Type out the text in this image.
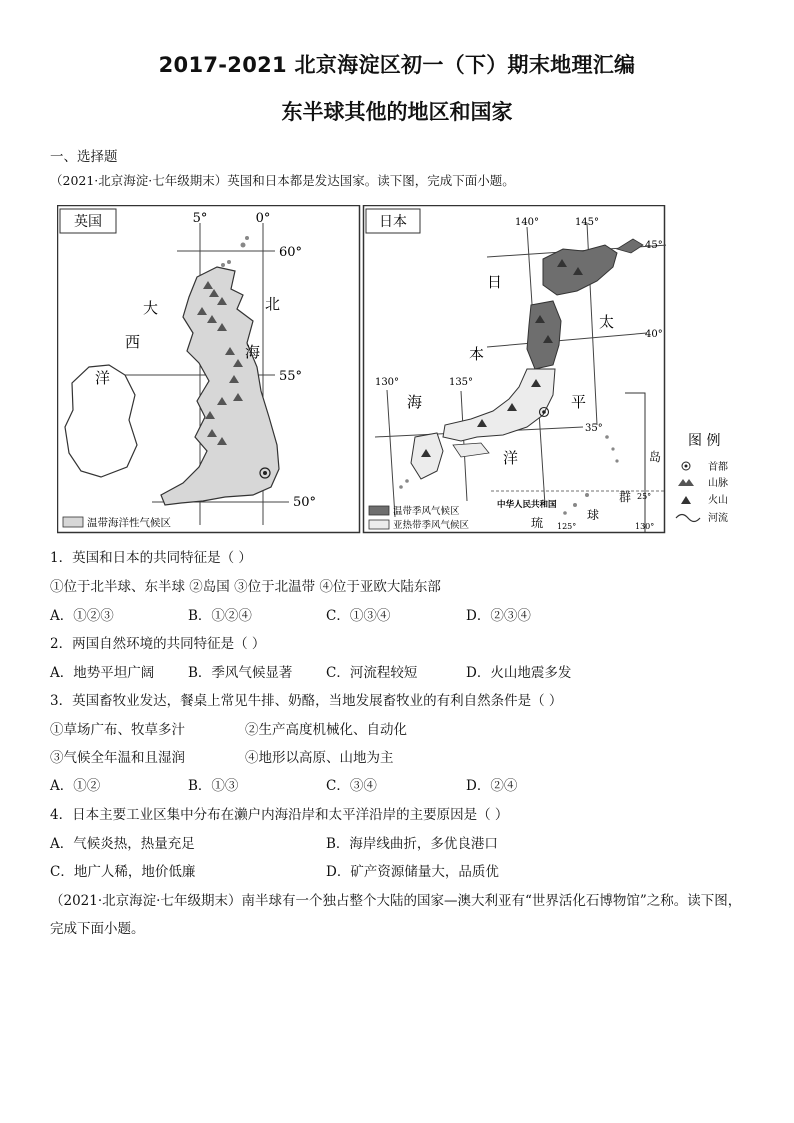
2017-2021 北京海淀区初一（下）期末地理汇编
东半球其他的地区和国家
一、选择题
（2021·北京海淀·七年级期末）英国和日本都是发达国家。读下图，完成下面小题。
英国	5°	0°
60°
55°
50°
大
西
洋
北
海
温带海洋性气候区
日本	140°	145°
130°	135°
45°
40°
35°
日
本
海
太
平
洋
25°
125°	130°
中华人民共和国
琉
球
群
岛
温带季风气候区
亚热带季风气候区
图 例
首都
山脉
火山
河流
1．英国和日本的共同特征是（ ）
①位于北半球、东半球 ②岛国 ③位于北温带 ④位于亚欧大陆东部
A．①②③	B．①②④	C．①③④	D．②③④
2．两国自然环境的共同特征是（ ）
A．地势平坦广阔	B．季风气候显著 C．河流程较短	D．火山地震多发
3．英国畜牧业发达，餐桌上常见牛排、奶酪，当地发展畜牧业的有利自然条件是（ ）
①草场广布、牧草多汁	②生产高度机械化、自动化
③气候全年温和且湿润	④地形以高原、山地为主
A．①②	B．①③	C．③④	D．②④
4．日本主要工业区集中分布在濑户内海沿岸和太平洋沿岸的主要原因是（ ）
A．气候炎热，热量充足	B．海岸线曲折，多优良港口
C．地广人稀，地价低廉	D．矿产资源储量大，品质优
（2021·北京海淀·七年级期末）南半球有一个独占整个大陆的国家—澳大利亚有“世界活化石博物馆”之称。读下图，完成下面小题。
